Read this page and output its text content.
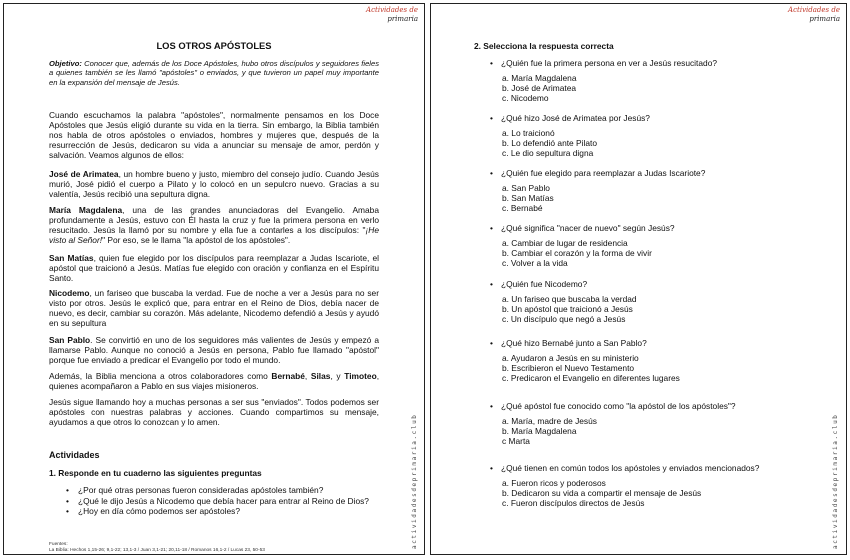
Actividades de
primaria
actividadesdeprimaria.club
LOS OTROS APÓSTOLES

Objetivo: Conocer que, además de los Doce Apóstoles, hubo otros discípulos y seguidores fieles a quienes también se les llamó "apóstoles" o enviados, y que tuvieron un papel muy importante en la expansión del mensaje de Jesús.

Cuando escuchamos la palabra "apóstoles", normalmente pensamos en los Doce Apóstoles que Jesús eligió durante su vida en la tierra. Sin embargo, la Biblia también nos habla de otros apóstoles o enviados, hombres y mujeres que, después de la resurrección de Jesús, dedicaron su vida a anunciar su mensaje de amor, perdón y salvación. Veamos algunos de ellos:

José de Arimatea, un hombre bueno y justo, miembro del consejo judío. Cuando Jesús murió, José pidió el cuerpo a Pilato y lo colocó en un sepulcro nuevo. Gracias a su valentía, Jesús recibió una sepultura digna.

María Magdalena, una de las grandes anunciadoras del Evangelio. Amaba profundamente a Jesús, estuvo con Él hasta la cruz y fue la primera persona en verlo resucitado. Jesús la llamó por su nombre y ella fue a contarles a los discípulos: "¡He visto al Señor!" Por eso, se le llama "la apóstol de los apóstoles".

San Matías, quien fue elegido por los discípulos para reemplazar a Judas Iscariote, el apóstol que traicionó a Jesús. Matías fue elegido con oración y confianza en el Espíritu Santo.

Nicodemo, un fariseo que buscaba la verdad. Fue de noche a ver a Jesús para no ser visto por otros. Jesús le explicó que, para entrar en el Reino de Dios, debía nacer de nuevo, es decir, cambiar su corazón. Más adelante, Nicodemo defendió a Jesús y ayudó en su sepultura

San Pablo. Se convirtió en uno de los seguidores más valientes de Jesús y empezó a llamarse Pablo. Aunque no conoció a Jesús en persona, Pablo fue llamado "apóstol" porque fue enviado a predicar el Evangelio por todo el mundo.

Además, la Biblia menciona a otros colaboradores como Bernabé, Silas, y Timoteo, quienes acompañaron a Pablo en sus viajes misioneros.

Jesús sigue llamando hoy a muchas personas a ser sus "enviados". Todos podemos ser apóstoles con nuestras palabras y acciones. Cuando compartimos su mensaje, ayudamos a que otros lo conozcan y lo amen.

Actividades
1. Responde en tu cuaderno las siguientes preguntas
• ¿Por qué otras personas fueron consideradas apóstoles también?
• ¿Qué le dijo Jesús a Nicodemo que debía hacer para entrar al Reino de Dios?
• ¿Hoy en día cómo podemos ser apóstoles?
Fuentes:
La Biblia: Hechos 1,15-26; 9,1-22; 13,1-3 / Juan 3,1-21; 20,11-18 / Romanos 16,1-2 / Lucas 23, 50-53
Actividades de
primaria
actividadesdeprimaria.club
2. Selecciona la respuesta correcta
• ¿Quién fue la primera persona en ver a Jesús resucitado?
a. María Magdalena
b. José de Arimatea
c. Nicodemo
• ¿Qué hizo José de Arimatea por Jesús?
a. Lo traicionó
b. Lo defendió ante Pilato
c. Le dio sepultura digna
• ¿Quién fue elegido para reemplazar a Judas Iscariote?
a. San Pablo
b. San Matías
c. Bernabé
• ¿Qué significa "nacer de nuevo" según Jesús?
a. Cambiar de lugar de residencia
b. Cambiar el corazón y la forma de vivir
c. Volver a la vida
• ¿Quién fue Nicodemo?
a. Un fariseo que buscaba la verdad
b. Un apóstol que traicionó a Jesús
c. Un discípulo que negó a Jesús
• ¿Qué hizo Bernabé junto a San Pablo?
a. Ayudaron a Jesús en su ministerio
b. Escribieron el Nuevo Testamento
c. Predicaron el Evangelio en diferentes lugares
• ¿Qué apóstol fue conocido como "la apóstol de los apóstoles"?
a. María, madre de Jesús
b. María Magdalena
c Marta
• ¿Qué tienen en común todos los apóstoles y enviados mencionados?
a. Fueron ricos y poderosos
b. Dedicaron su vida a compartir el mensaje de Jesús
c. Fueron discípulos directos de Jesús
